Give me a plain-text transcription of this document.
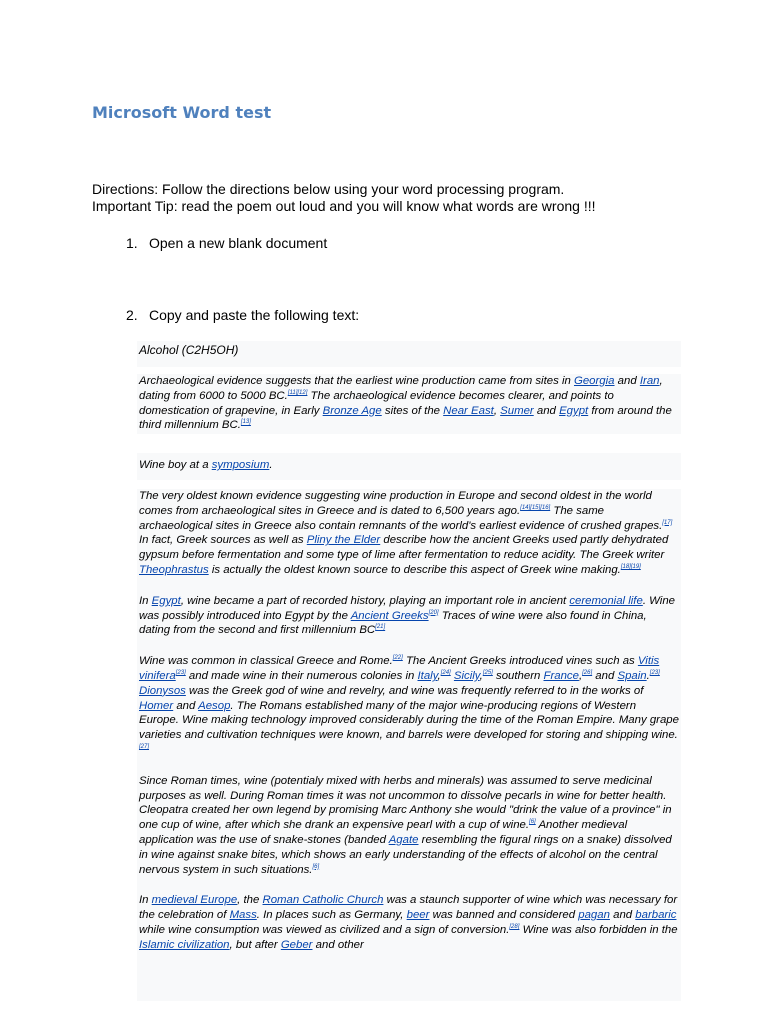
Microsoft Word test
Directions: Follow the directions below using your word processing program.
Important Tip: read the poem out loud and you will know what words are wrong !!!
1. Open a new blank document
2. Copy and paste the following text:
Alcohol (C2H5OH)

Archaeological evidence suggests that the earliest wine production came from sites in Georgia and Iran, dating from 6000 to 5000 BC.[11][12] The archaeological evidence becomes clearer, and points to domestication of grapevine, in Early Bronze Age sites of the Near East, Sumer and Egypt from around the third millennium BC.[13]

Wine boy at a symposium.

The very oldest known evidence suggesting wine production in Europe and second oldest in the world comes from archaeological sites in Greece and is dated to 6,500 years ago.[14][15][16] The same archaeological sites in Greece also contain remnants of the world's earliest evidence of crushed grapes.[17] In fact, Greek sources as well as Pliny the Elder describe how the ancient Greeks used partly dehydrated gypsum before fermentation and some type of lime after fermentation to reduce acidity. The Greek writer Theophrastus is actually the oldest known source to describe this aspect of Greek wine making.[18][19]

In Egypt, wine became a part of recorded history, playing an important role in ancient ceremonial life. Wine was possibly introduced into Egypt by the Ancient Greeks[20] Traces of wine were also found in China, dating from the second and first millennium BC[21]

Wine was common in classical Greece and Rome.[22] The Ancient Greeks introduced vines such as Vitis vinifera[23] and made wine in their numerous colonies in Italy,[24] Sicily,[25] southern France,[26] and Spain.[23] Dionysos was the Greek god of wine and revelry, and wine was frequently referred to in the works of Homer and Aesop. The Romans established many of the major wine-producing regions of Western Europe. Wine making technology improved considerably during the time of the Roman Empire. Many grape varieties and cultivation techniques were known, and barrels were developed for storing and shipping wine.[27]

Since Roman times, wine (potentialy mixed with herbs and minerals) was assumed to serve medicinal purposes as well. During Roman times it was not uncommon to dissolve pecarls in wine for better health. Cleopatra created her own legend by promising Marc Anthony she would "drink the value of a province" in one cup of wine, after which she drank an expensive pearl with a cup of wine.[6] Another medieval application was the use of snake-stones (banded Agate resembling the figural rings on a snake) dissolved in wine against snake bites, which shows an early understanding of the effects of alcohol on the central nervous system in such situations.[6]

In medieval Europe, the Roman Catholic Church was a staunch supporter of wine which was necessary for the celebration of Mass. In places such as Germany, beer was banned and considered pagan and barbaric while wine consumption was viewed as civilized and a sign of conversion.[28] Wine was also forbidden in the Islamic civilization, but after Geber and other
